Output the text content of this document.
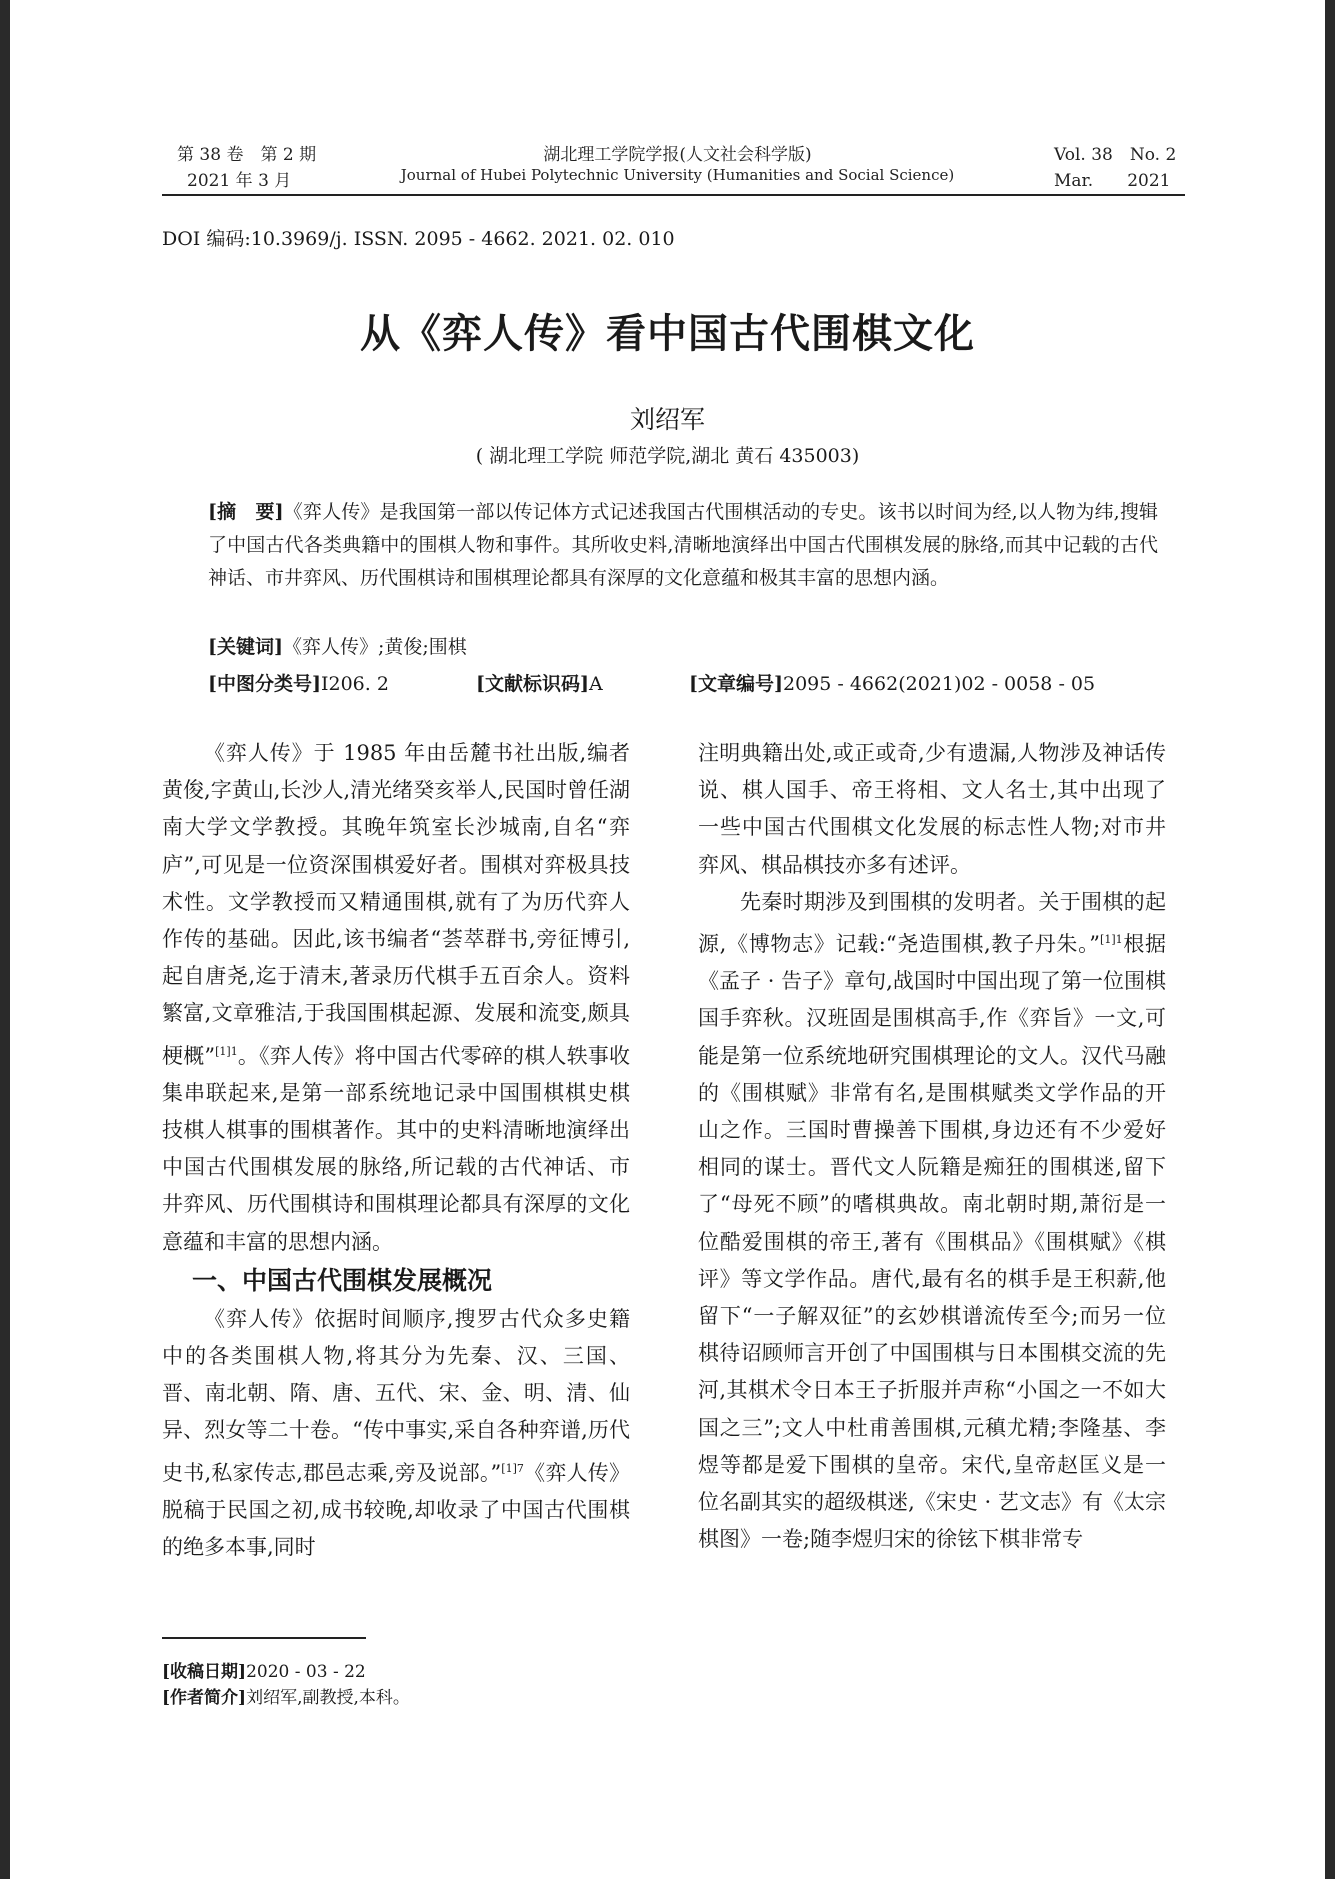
第 38 卷　第 2 期
2021 年 3 月
湖北理工学院学报(人文社会科学版)
Journal of Hubei Polytechnic University (Humanities and Social Science)
Vol. 38　No. 2
Mar.　　2021
DOI 编码:10.3969/j. ISSN. 2095 - 4662. 2021. 02. 010
从《弈人传》看中国古代围棋文化
刘绍军
( 湖北理工学院 师范学院,湖北 黄石 435003)

[摘　要]《弈人传》是我国第一部以传记体方式记述我国古代围棋活动的专史。该书以时间为经,以人物为纬,搜辑了中国古代各类典籍中的围棋人物和事件。其所收史料,清晰地演绎出中国古代围棋发展的脉络,而其中记载的古代神话、市井弈风、历代围棋诗和围棋理论都具有深厚的文化意蕴和极其丰富的思想内涵。

[关键词]《弈人传》;黄俊;围棋
[中图分类号]I206. 2	[文献标识码]A	[文章编号]2095 - 4662(2021)02 - 0058 - 05

《弈人传》于 1985 年由岳麓书社出版,编者黄俊,字黄山,长沙人,清光绪癸亥举人,民国时曾任湖南大学文学教授。其晚年筑室长沙城南,自名“弈庐”,可见是一位资深围棋爱好者。围棋对弈极具技术性。文学教授而又精通围棋,就有了为历代弈人作传的基础。因此,该书编者“荟萃群书,旁征博引,起自唐尧,迄于清末,著录历代棋手五百余人。资料繁富,文章雅洁,于我国围棋起源、发展和流变,颇具梗概”$^{[1]1}$。《弈人传》将中国古代零碎的棋人轶事收集串联起来,是第一部系统地记录中国围棋棋史棋技棋人棋事的围棋著作。其中的史料清晰地演绎出中国古代围棋发展的脉络,所记载的古代神话、市井弈风、历代围棋诗和围棋理论都具有深厚的文化意蕴和丰富的思想内涵。

一、中国古代围棋发展概况

《弈人传》依据时间顺序,搜罗古代众多史籍中的各类围棋人物,将其分为先秦、汉、三国、晋、南北朝、隋、唐、五代、宋、金、明、清、仙异、烈女等二十卷。“传中事实,采自各种弈谱,历代史书,私家传志,郡邑志乘,旁及说部。”$^{[1]7}$《弈人传》脱稿于民国之初,成书较晚,却收录了中国古代围棋的绝多本事,同时

注明典籍出处,或正或奇,少有遗漏,人物涉及神话传说、棋人国手、帝王将相、文人名士,其中出现了一些中国古代围棋文化发展的标志性人物;对市井弈风、棋品棋技亦多有述评。

先秦时期涉及到围棋的发明者。关于围棋的起源,《博物志》记载:“尧造围棋,教子丹朱。”$^{[1]1}$根据《孟子 · 告子》章句,战国时中国出现了第一位围棋国手弈秋。汉班固是围棋高手,作《弈旨》一文,可能是第一位系统地研究围棋理论的文人。汉代马融的《围棋赋》非常有名,是围棋赋类文学作品的开山之作。三国时曹操善下围棋,身边还有不少爱好相同的谋士。晋代文人阮籍是痴狂的围棋迷,留下了“母死不顾”的嗜棋典故。南北朝时期,萧衍是一位酷爱围棋的帝王,著有《围棋品》《围棋赋》《棋评》等文学作品。唐代,最有名的棋手是王积薪,他留下“一子解双征”的玄妙棋谱流传至今;而另一位棋待诏顾师言开创了中国围棋与日本围棋交流的先河,其棋术令日本王子折服并声称“小国之一不如大国之三”;文人中杜甫善围棋,元稹尤精;李隆基、李煜等都是爱下围棋的皇帝。宋代,皇帝赵匡义是一位名副其实的超级棋迷,《宋史 · 艺文志》有《太宗棋图》一卷;随李煜归宋的徐铉下棋非常专

[收稿日期]2020 - 03 - 22
[作者简介]刘绍军,副教授,本科。
